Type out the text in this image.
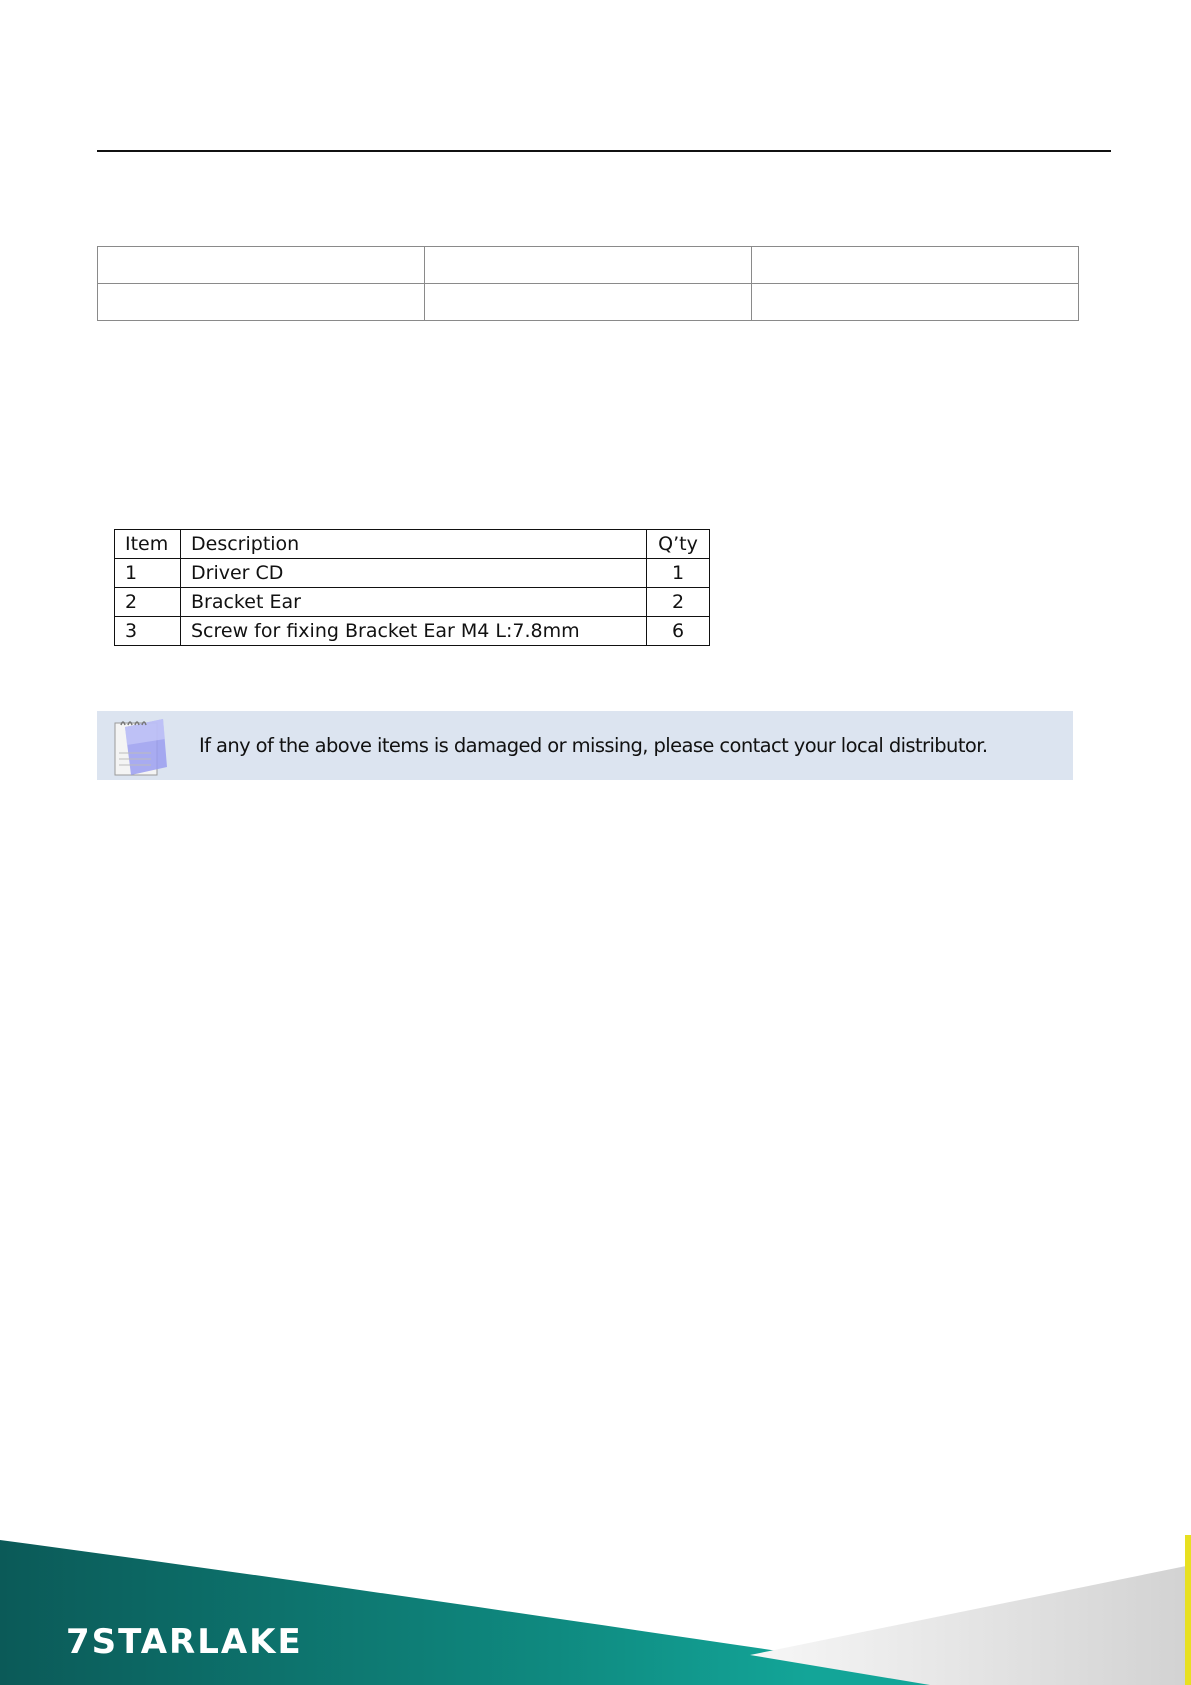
Item	Description	Q’ty
1	Driver CD	1
2	Bracket Ear	2
3	Screw for fixing Bracket Ear M4 L:7.8mm	6
If any of the above items is damaged or missing, please contact your local distributor.
7STARLAKE
